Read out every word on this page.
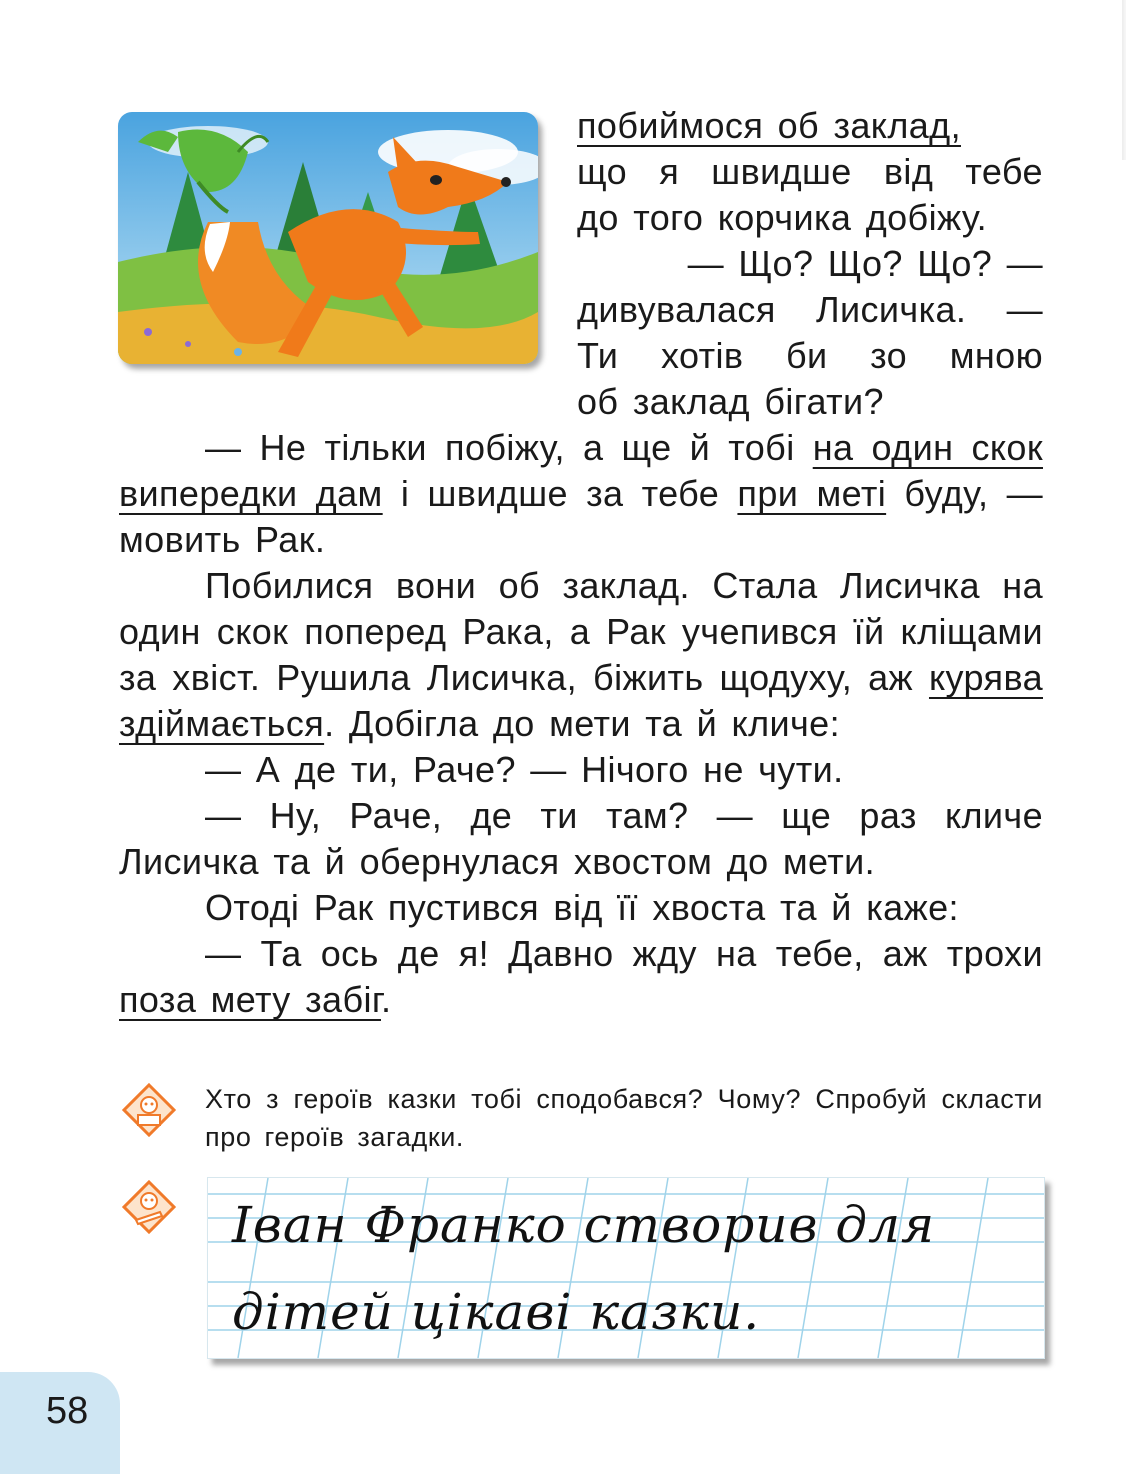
побиймося об заклад,
що я швидше від тебе
до того корчика добіжу.
— Що? Що? Що? —
дивувалася Лисичка. —
Ти хотів би зо мною
об заклад бігати?

— Не тільки побіжу, а ще й тобі на один скок випередки дам і швидше за тебе при меті буду, — мовить Рак.

Побилися вони об заклад. Стала Лисичка на один скок поперед Рака, а Рак учепився їй кліщами за хвіст. Рушила Лисичка, біжить щодуху, аж курява здіймається. Добігла до мети та й кличе:

— А де ти, Раче? — Нічого не чути.

— Ну, Раче, де ти там? — ще раз кличе Лисичка та й обернулася хвостом до мети.

Отоді Рак пустився від її хвоста та й каже:

— Та ось де я! Давно жду на тебе, аж трохи поза мету забіг.

Хто з героїв казки тобі сподобався? Чому? Спробуй скласти про героїв загадки.
Іван Франко створив для
дітей цікаві казки.
58
